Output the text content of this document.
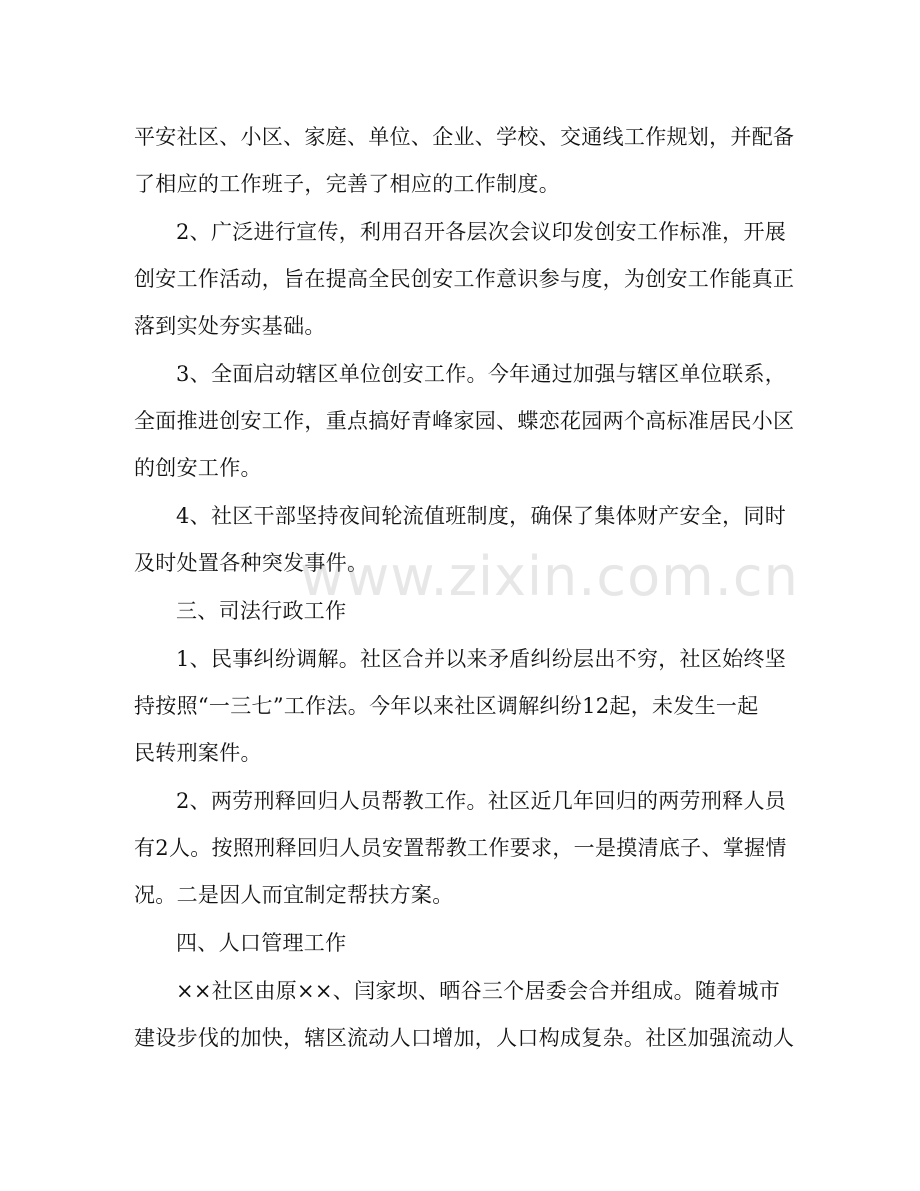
平安社区、小区、家庭、单位、企业、学校、交通线工作规划，并配备
了相应的工作班子，完善了相应的工作制度。
2、广泛进行宣传，利用召开各层次会议印发创安工作标准，开展
创安工作活动，旨在提高全民创安工作意识参与度，为创安工作能真正
落到实处夯实基础。
3、全面启动辖区单位创安工作。今年通过加强与辖区单位联系，
全面推进创安工作，重点搞好青峰家园、蝶恋花园两个高标准居民小区
的创安工作。
4、社区干部坚持夜间轮流值班制度，确保了集体财产安全，同时
及时处置各种突发事件。
三、司法行政工作
1、民事纠纷调解。社区合并以来矛盾纠纷层出不穷，社区始终坚
持按照“一三七”工作法。今年以来社区调解纠纷12起，未发生一起
民转刑案件。
2、两劳刑释回归人员帮教工作。社区近几年回归的两劳刑释人员
有2人。按照刑释回归人员安置帮教工作要求，一是摸清底子、掌握情
况。二是因人而宜制定帮扶方案。
四、人口管理工作
××社区由原××、闫家坝、晒谷三个居委会合并组成。随着城市
建设步伐的加快，辖区流动人口增加，人口构成复杂。社区加强流动人
www.zixin.com.cn
